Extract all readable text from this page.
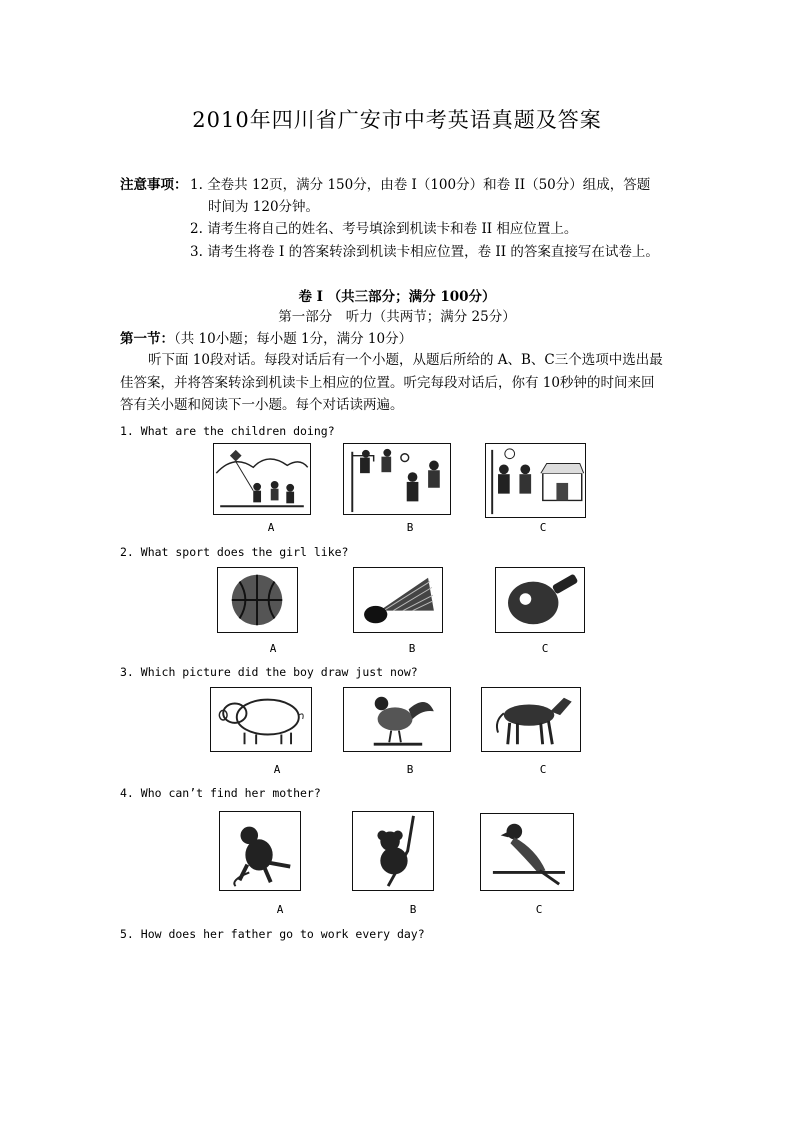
2010年四川省广安市中考英语真题及答案
注意事项： 1. 全卷共 12页，满分 150分，由卷 I（100分）和卷 II（50分）组成，答题
时间为 120分钟。
2. 请考生将自己的姓名、考号填涂到机读卡和卷 II 相应位置上。
3. 请考生将卷 I 的答案转涂到机读卡相应位置，卷 II 的答案直接写在试卷上。
卷 I （共三部分；满分 100分）
第一部分　听力（共两节；满分 25分）
第一节：（共 10小题；每小题 1分，满分 10分）
听下面 10段对话。每段对话后有一个小题，从题后所给的 A、B、C三个选项中选出最
佳答案，并将答案转涂到机读卡上相应的位置。听完每段对话后，你有 10秒钟的时间来回
答有关小题和阅读下一小题。每个对话读两遍。
1. What are the children doing?
A	B	C
2. What sport does the girl like?
A	B	C
3. Which picture did the boy draw just now?
A	B	C
4. Who can’t find her mother?
A	B	C
5. How does her father go to work every day?
